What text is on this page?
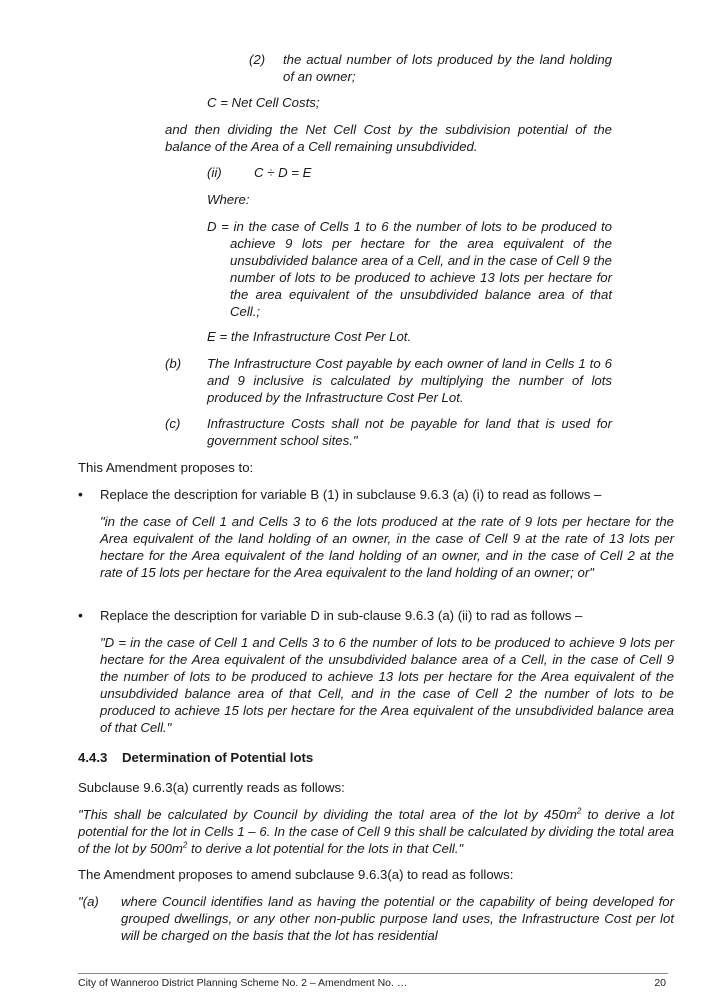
(2) the actual number of lots produced by the land holding of an owner;
C = Net Cell Costs;
and then dividing the Net Cell Cost by the subdivision potential of the balance of the Area of a Cell remaining unsubdivided.
(ii) C ÷ D = E
Where:
D = in the case of Cells 1 to 6 the number of lots to be produced to achieve 9 lots per hectare for the area equivalent of the unsubdivided balance area of a Cell, and in the case of Cell 9 the number of lots to be produced to achieve 13 lots per hectare for the area equivalent of the unsubdivided balance area of that Cell.;
E = the Infrastructure Cost Per Lot.
(b) The Infrastructure Cost payable by each owner of land in Cells 1 to 6 and 9 inclusive is calculated by multiplying the number of lots produced by the Infrastructure Cost Per Lot.
(c) Infrastructure Costs shall not be payable for land that is used for government school sites."
This Amendment proposes to:
• Replace the description for variable B (1) in subclause 9.6.3 (a) (i) to read as follows –
"in the case of Cell 1 and Cells 3 to 6 the lots produced at the rate of 9 lots per hectare for the Area equivalent of the land holding of an owner, in the case of Cell 9 at the rate of 13 lots per hectare for the Area equivalent of the land holding of an owner, and in the case of Cell 2 at the rate of 15 lots per hectare for the Area equivalent to the land holding of an owner; or"
• Replace the description for variable D in sub-clause 9.6.3 (a) (ii) to rad as follows –
"D = in the case of Cell 1 and Cells 3 to 6 the number of lots to be produced to achieve 9 lots per hectare for the Area equivalent of the unsubdivided balance area of a Cell, in the case of Cell 9 the number of lots to be produced to achieve 13 lots per hectare for the Area equivalent of the unsubdivided balance area of that Cell, and in the case of Cell 2 the number of lots to be produced to achieve 15 lots per hectare for the Area equivalent of the unsubdivided balance area of that Cell."
4.4.3 Determination of Potential lots
Subclause 9.6.3(a) currently reads as follows:
"This shall be calculated by Council by dividing the total area of the lot by $450m^2$ to derive a lot potential for the lot in Cells 1 – 6. In the case of Cell 9 this shall be calculated by dividing the total area of the lot by $500m^2$ to derive a lot potential for the lots in that Cell."
The Amendment proposes to amend subclause 9.6.3(a) to read as follows:
"(a) where Council identifies land as having the potential or the capability of being developed for grouped dwellings, or any other non-public purpose land uses, the Infrastructure Cost per lot will be charged on the basis that the lot has residential
City of Wanneroo District Planning Scheme No. 2 – Amendment No. …	20
